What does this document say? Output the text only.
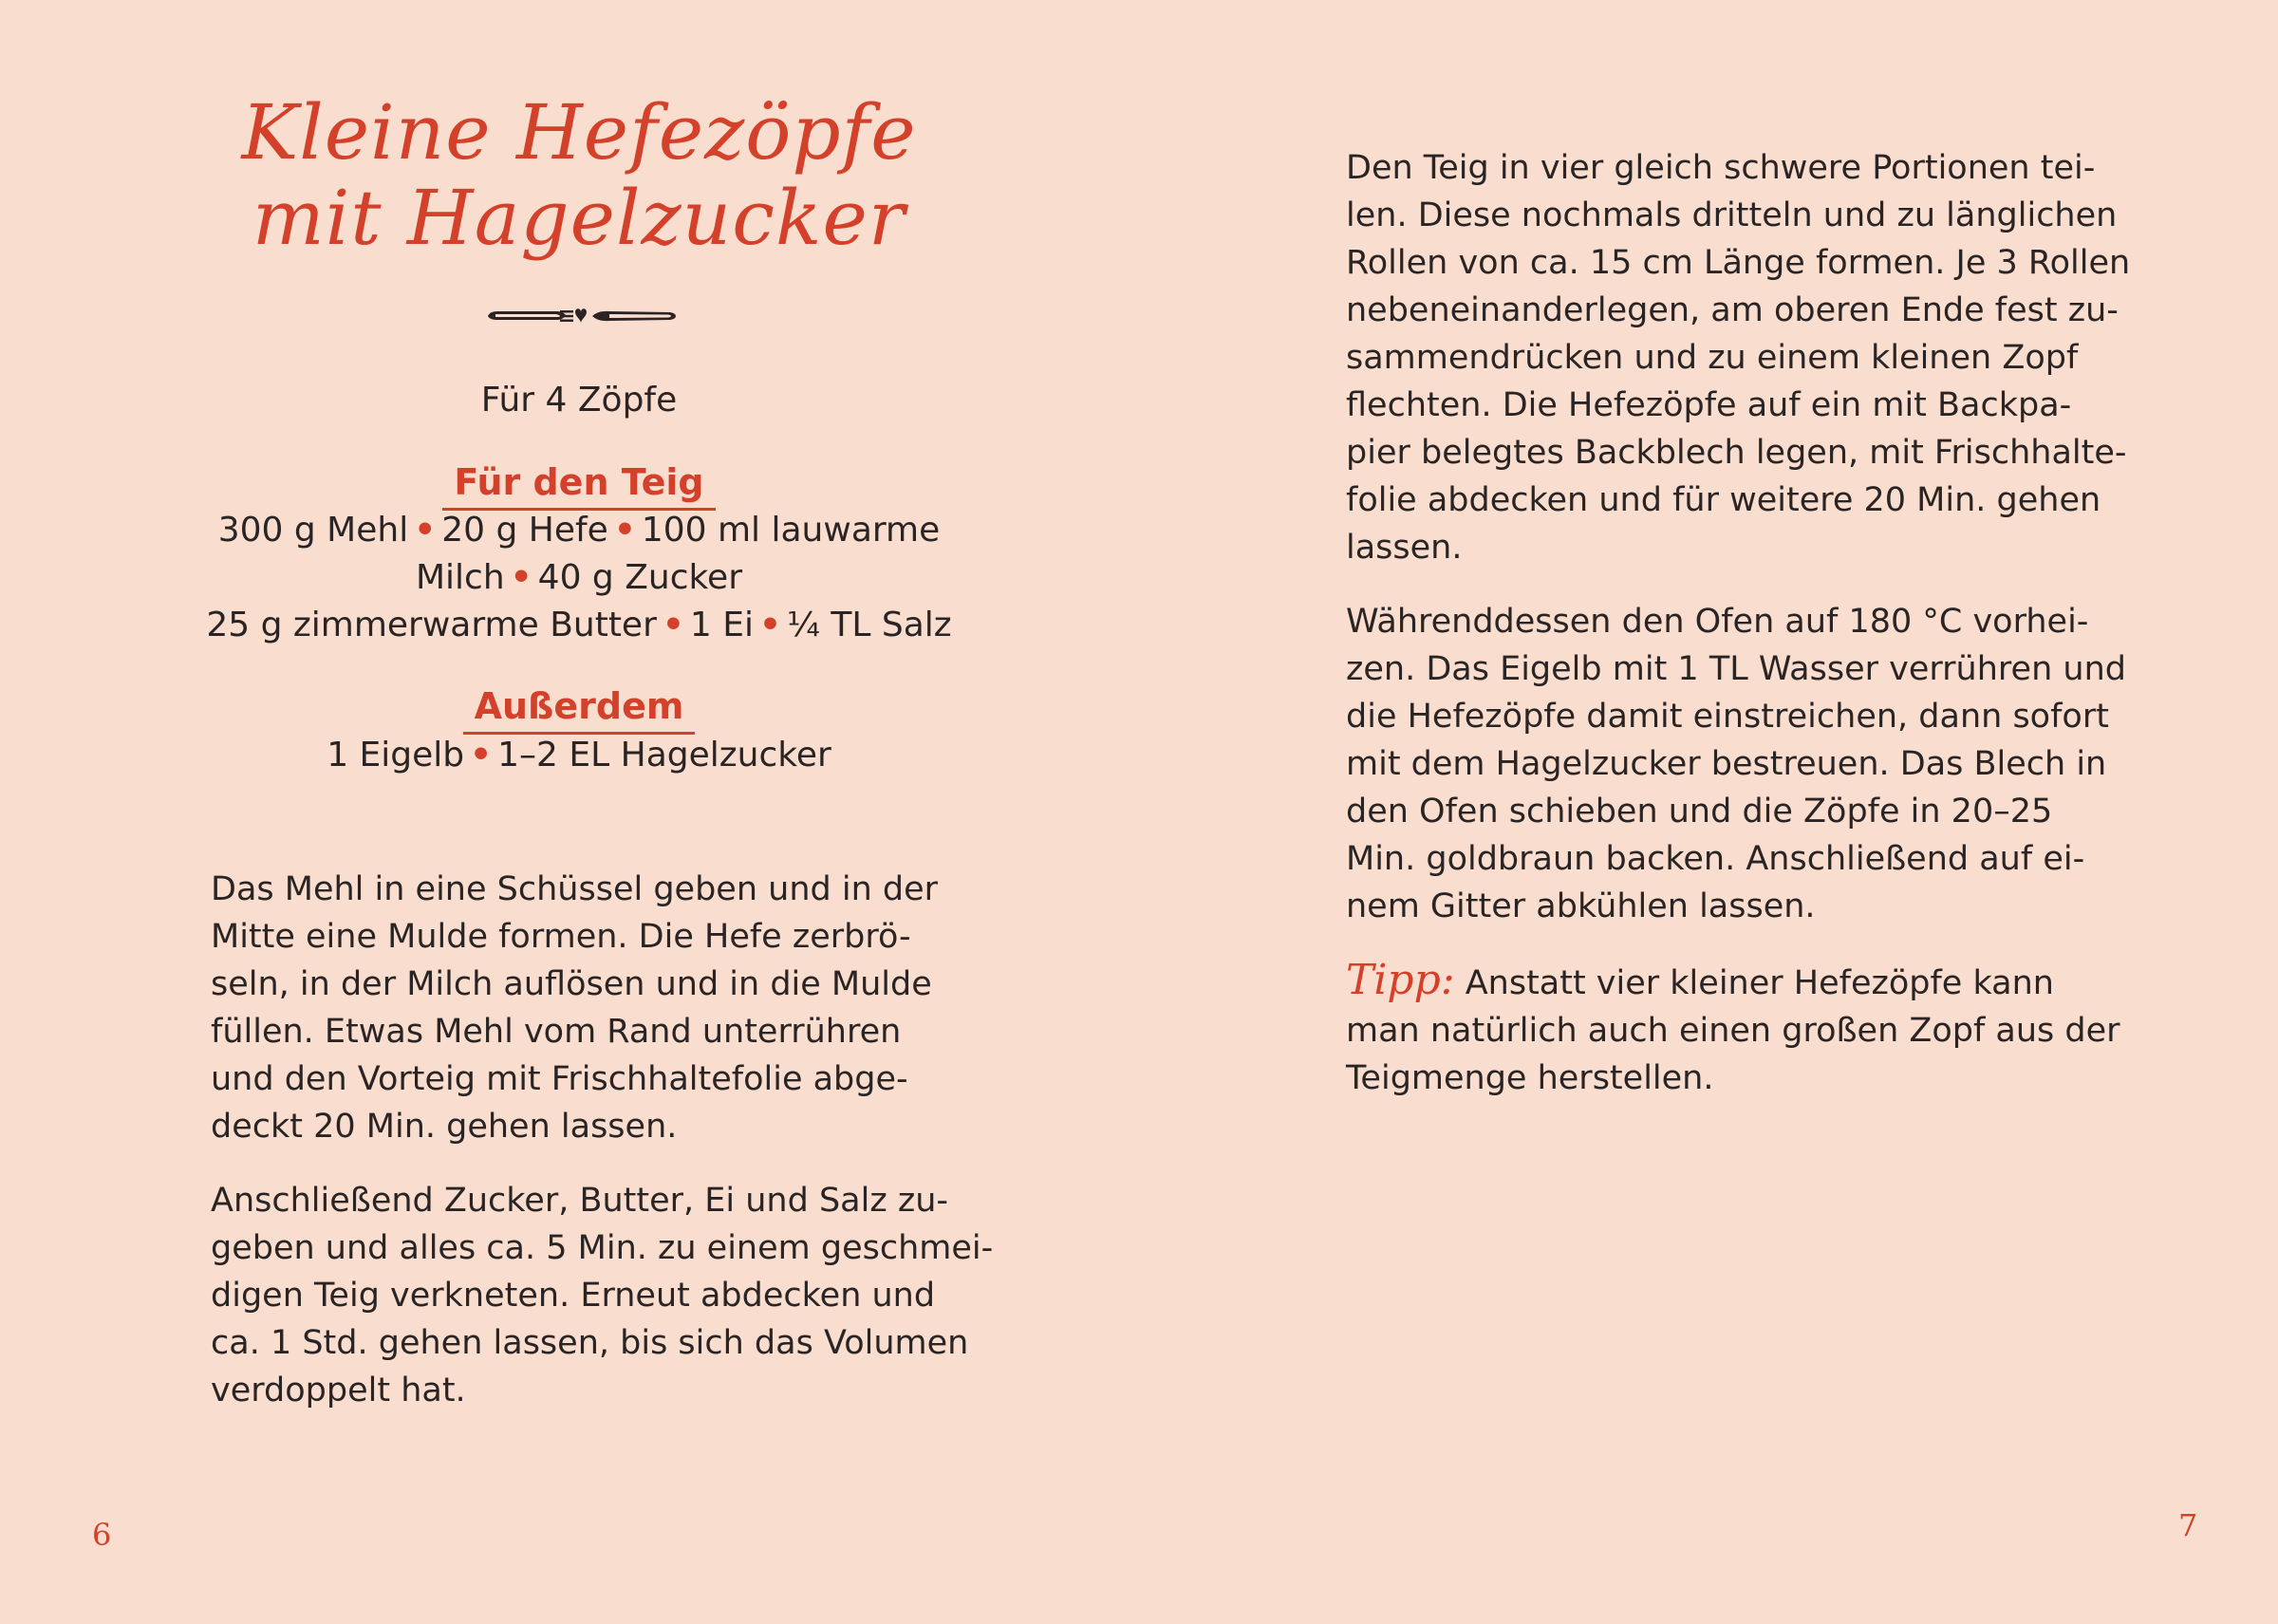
Kleine Hefezöpfe
mit Hagelzucker
Für 4 Zöpfe
Für den Teig
300 g Mehl • 20 g Hefe • 100 ml lauwarme
Milch • 40 g Zucker
25 g zimmerwarme Butter • 1 Ei • ¼ TL Salz
Außerdem
1 Eigelb • 1–2 EL Hagelzucker

Das Mehl in eine Schüssel geben und in der
Mitte eine Mulde formen. Die Hefe zerbrö-
seln, in der Milch auflösen und in die Mulde
füllen. Etwas Mehl vom Rand unterrühren
und den Vorteig mit Frischhaltefolie abge-
deckt 20 Min. gehen lassen.

Anschließend Zucker, Butter, Ei und Salz zu-
geben und alles ca. 5 Min. zu einem geschmei-
digen Teig verkneten. Erneut abdecken und
ca. 1 Std. gehen lassen, bis sich das Volumen
verdoppelt hat.

6

Den Teig in vier gleich schwere Portionen tei-
len. Diese nochmals dritteln und zu länglichen
Rollen von ca. 15 cm Länge formen. Je 3 Rollen
nebeneinanderlegen, am oberen Ende fest zu-
sammendrücken und zu einem kleinen Zopf
flechten. Die Hefezöpfe auf ein mit Backpa-
pier belegtes Backblech legen, mit Frischhalte-
folie abdecken und für weitere 20 Min. gehen
lassen.

Währenddessen den Ofen auf 180 °C vorhei-
zen. Das Eigelb mit 1 TL Wasser verrühren und
die Hefezöpfe damit einstreichen, dann sofort
mit dem Hagelzucker bestreuen. Das Blech in
den Ofen schieben und die Zöpfe in 20–25
Min. goldbraun backen. Anschließend auf ei-
nem Gitter abkühlen lassen.

Tipp: Anstatt vier kleiner Hefezöpfe kann
man natürlich auch einen großen Zopf aus der
Teigmenge herstellen.

7
